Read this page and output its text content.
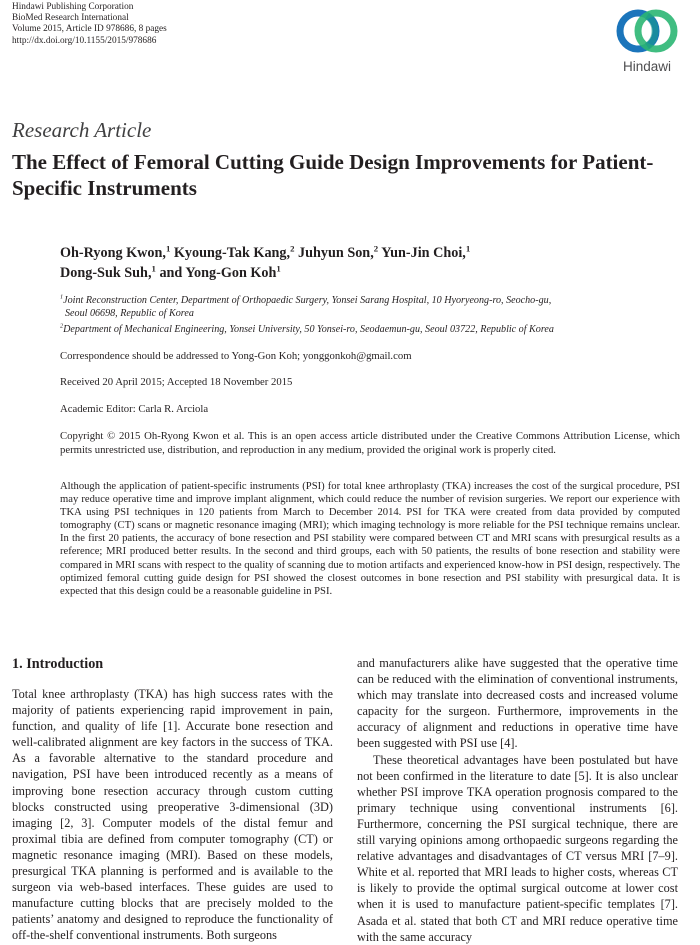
Hindawi Publishing Corporation
BioMed Research International
Volume 2015, Article ID 978686, 8 pages
http://dx.doi.org/10.1155/2015/978686
Hindawi
Research Article
The Effect of Femoral Cutting Guide Design Improvements for Patient-Specific Instruments
Oh-Ryong Kwon,$^1$ Kyoung-Tak Kang,$^2$ Juhyun Son,$^2$ Yun-Jin Choi,$^1$
Dong-Suk Suh,$^1$ and Yong-Gon Koh$^1$
$^1$Joint Reconstruction Center, Department of Orthopaedic Surgery, Yonsei Sarang Hospital, 10 Hyoryeong-ro, Seocho-gu,
Seoul 06698, Republic of Korea
$^2$Department of Mechanical Engineering, Yonsei University, 50 Yonsei-ro, Seodaemun-gu, Seoul 03722, Republic of Korea
Correspondence should be addressed to Yong-Gon Koh; yonggonkoh@gmail.com
Received 20 April 2015; Accepted 18 November 2015
Academic Editor: Carla R. Arciola
Copyright © 2015 Oh-Ryong Kwon et al. This is an open access article distributed under the Creative Commons Attribution License, which permits unrestricted use, distribution, and reproduction in any medium, provided the original work is properly cited.
Although the application of patient-specific instruments (PSI) for total knee arthroplasty (TKA) increases the cost of the surgical procedure, PSI may reduce operative time and improve implant alignment, which could reduce the number of revision surgeries. We report our experience with TKA using PSI techniques in 120 patients from March to December 2014. PSI for TKA were created from data provided by computed tomography (CT) scans or magnetic resonance imaging (MRI); which imaging technology is more reliable for the PSI technique remains unclear. In the first 20 patients, the accuracy of bone resection and PSI stability were compared between CT and MRI scans with presurgical results as a reference; MRI produced better results. In the second and third groups, each with 50 patients, the results of bone resection and stability were compared in MRI scans with respect to the quality of scanning due to motion artifacts and experienced know-how in PSI design, respectively. The optimized femoral cutting guide design for PSI showed the closest outcomes in bone resection and PSI stability with presurgical data. It is expected that this design could be a reasonable guideline in PSI.
1. Introduction

Total knee arthroplasty (TKA) has high success rates with the majority of patients experiencing rapid improvement in pain, function, and quality of life [1]. Accurate bone resection and well-calibrated alignment are key factors in the success of TKA. As a favorable alternative to the standard procedure and navigation, PSI have been introduced recently as a means of improving bone resection accuracy through custom cutting blocks constructed using preoperative 3-dimensional (3D) imaging [2, 3]. Computer models of the distal femur and proximal tibia are defined from computer tomography (CT) or magnetic resonance imaging (MRI). Based on these models, presurgical TKA planning is performed and is available to the surgeon via web-based interfaces. These guides are used to manufacture cutting blocks that are precisely molded to the patients’ anatomy and designed to reproduce the functionality of off-the-shelf conventional instruments. Both surgeons

and manufacturers alike have suggested that the operative time can be reduced with the elimination of conventional instruments, which may translate into decreased costs and increased volume capacity for the surgeon. Furthermore, improvements in the accuracy of alignment and reductions in operative time have been suggested with PSI use [4].

These theoretical advantages have been postulated but have not been confirmed in the literature to date [5]. It is also unclear whether PSI improve TKA operation prognosis compared to the primary technique using conventional instruments [6]. Furthermore, concerning the PSI surgical technique, there are still varying opinions among orthopaedic surgeons regarding the relative advantages and disadvantages of CT versus MRI [7–9]. White et al. reported that MRI leads to higher costs, whereas CT is likely to provide the optimal surgical outcome at lower cost when it is used to manufacture patient-specific templates [7]. Asada et al. stated that both CT and MRI reduce operative time with the same accuracy
